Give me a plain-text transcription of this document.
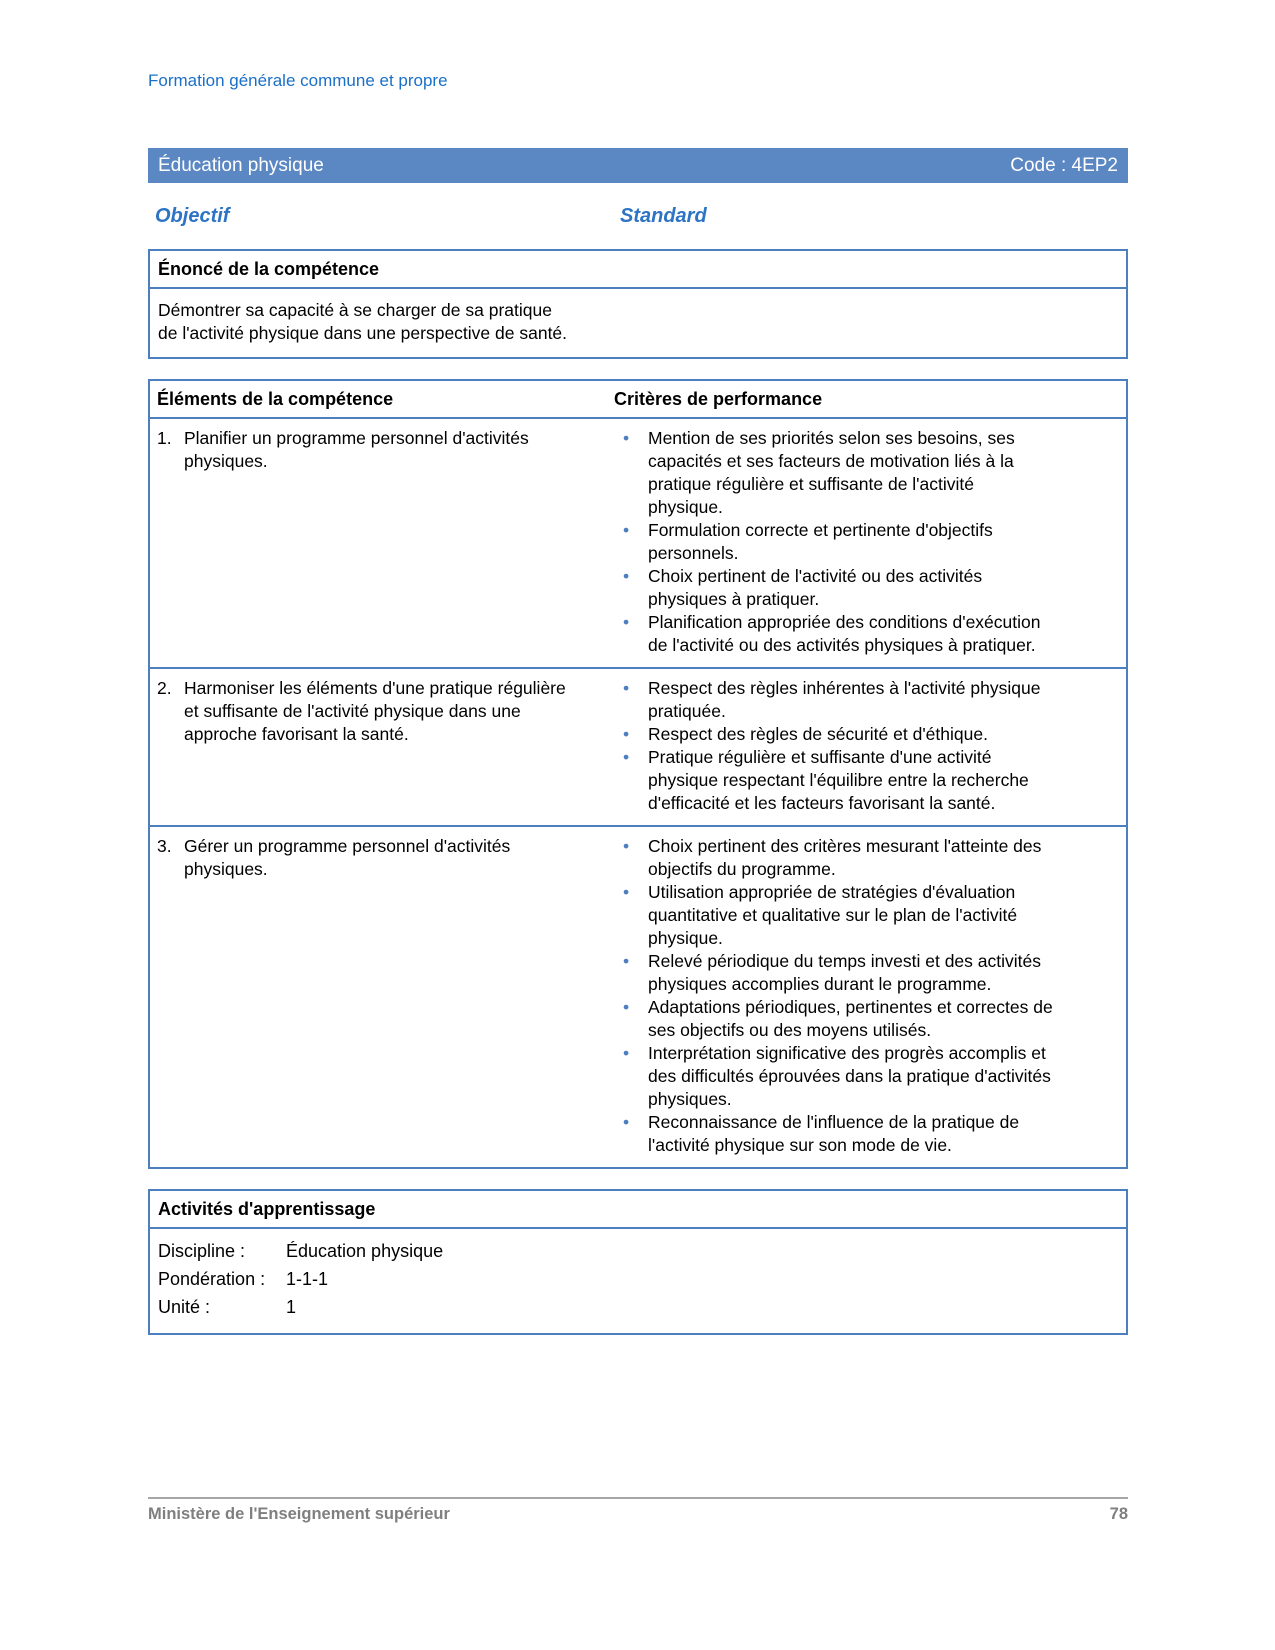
Formation générale commune et propre
Éducation physique	Code : 4EP2
Objectif	Standard
Énoncé de la compétence

Démontrer sa capacité à se charger de sa pratique de l'activité physique dans une perspective de santé.

Éléments de la compétence	Critères de performance
1. Planifier un programme personnel d'activités physiques.
• Mention de ses priorités selon ses besoins, ses capacités et ses facteurs de motivation liés à la pratique régulière et suffisante de l'activité physique.
• Formulation correcte et pertinente d'objectifs personnels.
• Choix pertinent de l'activité ou des activités physiques à pratiquer.
• Planification appropriée des conditions d'exécution de l'activité ou des activités physiques à pratiquer.
2. Harmoniser les éléments d'une pratique régulière et suffisante de l'activité physique dans une approche favorisant la santé.
• Respect des règles inhérentes à l'activité physique pratiquée.
• Respect des règles de sécurité et d'éthique.
• Pratique régulière et suffisante d'une activité physique respectant l'équilibre entre la recherche d'efficacité et les facteurs favorisant la santé.
3. Gérer un programme personnel d'activités physiques.
• Choix pertinent des critères mesurant l'atteinte des objectifs du programme.
• Utilisation appropriée de stratégies d'évaluation quantitative et qualitative sur le plan de l'activité physique.
• Relevé périodique du temps investi et des activités physiques accomplies durant le programme.
• Adaptations périodiques, pertinentes et correctes de ses objectifs ou des moyens utilisés.
• Interprétation significative des progrès accomplis et des difficultés éprouvées dans la pratique d'activités physiques.
• Reconnaissance de l'influence de la pratique de l'activité physique sur son mode de vie.
Activités d'apprentissage
Discipline :	Éducation physique
Pondération :	1-1-1
Unité :	1
Ministère de l'Enseignement supérieur	78
